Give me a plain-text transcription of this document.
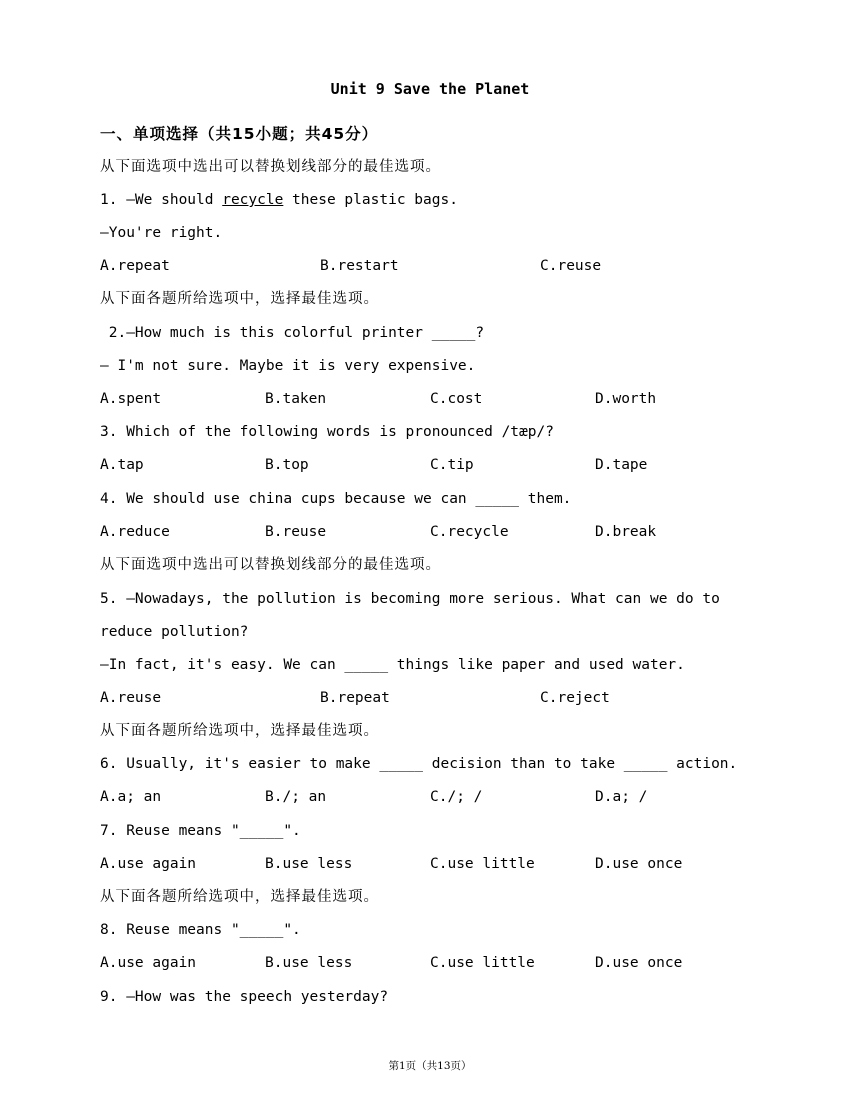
Unit 9 Save the Planet
一、单项选择（共15小题；共45分）
从下面选项中选出可以替换划线部分的最佳选项。
1. —We should recycle these plastic bags.
—You're right.
A.repeat	B.restart	C.reuse
从下面各题所给选项中，选择最佳选项。
2.—How much is this colorful printer _____?
— I'm not sure. Maybe it is very expensive.
A.spent	B.taken	C.cost	D.worth
3. Which of the following words is pronounced /tæp/?
A.tap	B.top	C.tip	D.tape
4. We should use china cups because we can _____ them.
A.reduce	B.reuse	C.recycle	D.break
从下面选项中选出可以替换划线部分的最佳选项。
5. —Nowadays, the pollution is becoming more serious. What can we do to
reduce pollution?
—In fact, it's easy. We can _____ things like paper and used water.
A.reuse	B.repeat	C.reject
从下面各题所给选项中，选择最佳选项。
6. Usually, it's easier to make _____ decision than to take _____ action.
A.a; an	B./; an	C./; /	D.a; /
7. Reuse means "_____".
A.use again	B.use less	C.use little	D.use once
从下面各题所给选项中，选择最佳选项。
8. Reuse means "_____".
A.use again	B.use less	C.use little	D.use once
9. —How was the speech yesterday?
第1页（共13页）
